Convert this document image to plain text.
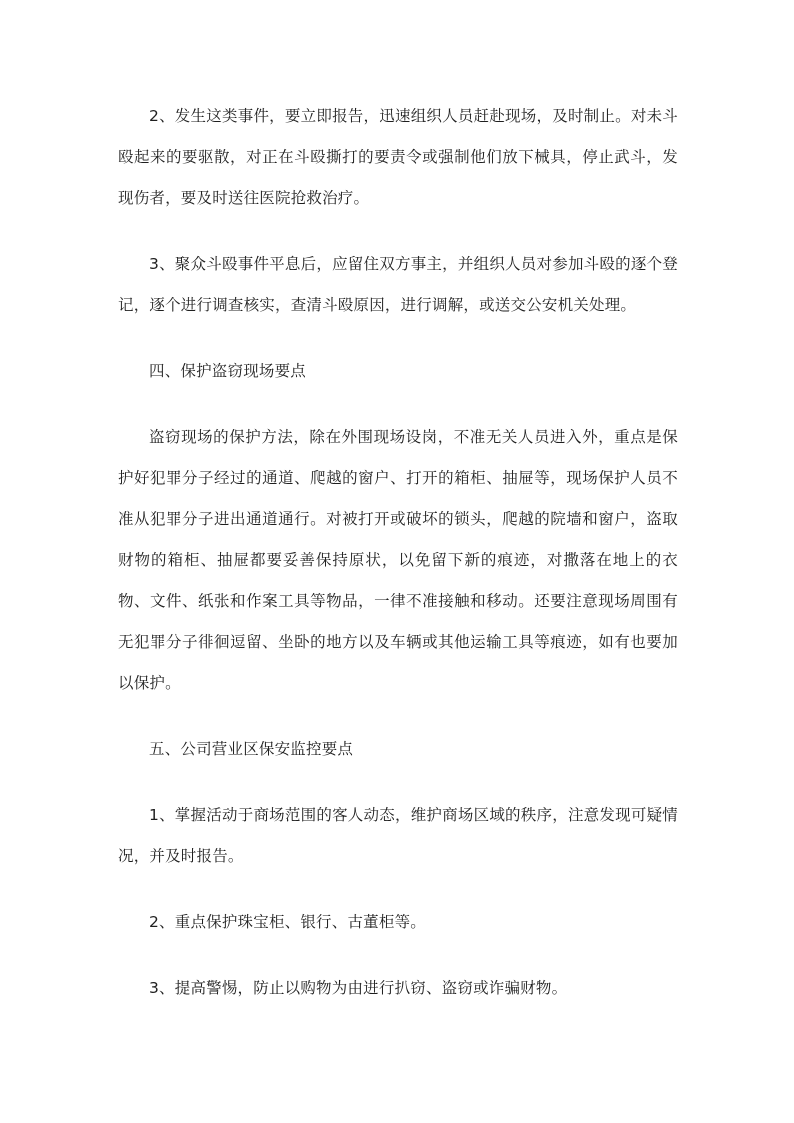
2、发生这类事件，要立即报告，迅速组织人员赶赴现场，及时制止。对未斗殴起来的要驱散，对正在斗殴撕打的要责令或强制他们放下械具，停止武斗，发现伤者，要及时送往医院抢救治疗。

3、聚众斗殴事件平息后，应留住双方事主，并组织人员对参加斗殴的逐个登记，逐个进行调查核实，查清斗殴原因，进行调解，或送交公安机关处理。

四、保护盗窃现场要点

盗窃现场的保护方法，除在外围现场设岗，不准无关人员进入外，重点是保护好犯罪分子经过的通道、爬越的窗户、打开的箱柜、抽屉等，现场保护人员不准从犯罪分子进出通道通行。对被打开或破坏的锁头，爬越的院墙和窗户，盗取财物的箱柜、抽屉都要妥善保持原状，以免留下新的痕迹，对撒落在地上的衣物、文件、纸张和作案工具等物品，一律不准接触和移动。还要注意现场周围有无犯罪分子徘徊逗留、坐卧的地方以及车辆或其他运输工具等痕迹，如有也要加以保护。

五、公司营业区保安监控要点

1、掌握活动于商场范围的客人动态，维护商场区域的秩序，注意发现可疑情况，并及时报告。

2、重点保护珠宝柜、银行、古董柜等。

3、提高警惕，防止以购物为由进行扒窃、盗窃或诈骗财物。
